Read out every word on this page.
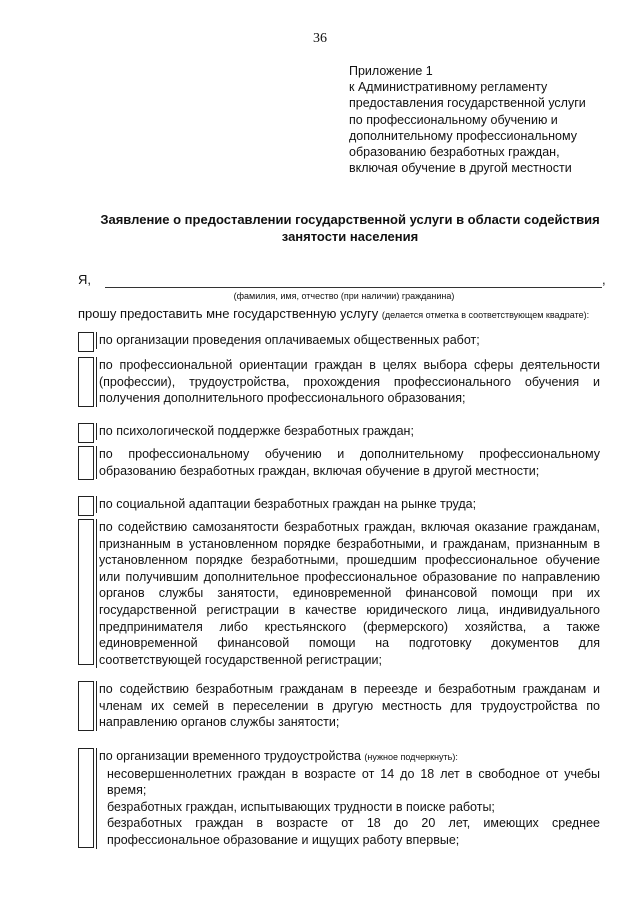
36
Приложение 1
к Административному регламенту
предоставления государственной услуги
по профессиональному обучению и
дополнительному профессиональному
образованию безработных граждан,
включая обучение в другой местности
Заявление о предоставлении государственной услуги в области содействия занятости населения
Я,	,
(фамилия, имя, отчество (при наличии) гражданина)
прошу предоставить мне государственную услугу (делается отметка в соответствующем квадрате):
по организации проведения оплачиваемых общественных работ;
по профессиональной ориентации граждан в целях выбора сферы деятельности (профессии), трудоустройства, прохождения профессионального обучения и получения дополнительного профессионального образования;
по психологической поддержке безработных граждан;
по профессиональному обучению и дополнительному профессиональному образованию безработных граждан, включая обучение в другой местности;
по социальной адаптации безработных граждан на рынке труда;
по содействию самозанятости безработных граждан, включая оказание гражданам, признанным в установленном порядке безработными, и гражданам, признанным в установленном порядке безработными, прошедшим профессиональное обучение или получившим дополнительное профессиональное образование по направлению органов службы занятости, единовременной финансовой помощи при их государственной регистрации в качестве юридического лица, индивидуального предпринимателя либо крестьянского (фермерского) хозяйства, а также единовременной финансовой помощи на подготовку документов для соответствующей государственной регистрации;
по содействию безработным гражданам в переезде и безработным гражданам и членам их семей в переселении в другую местность для трудоустройства по направлению органов службы занятости;
по организации временного трудоустройства (нужное подчеркнуть):
несовершеннолетних граждан в возрасте от 14 до 18 лет в свободное от учебы время;
безработных граждан, испытывающих трудности в поиске работы;
безработных граждан в возрасте от 18 до 20 лет, имеющих среднее профессиональное образование и ищущих работу впервые;
